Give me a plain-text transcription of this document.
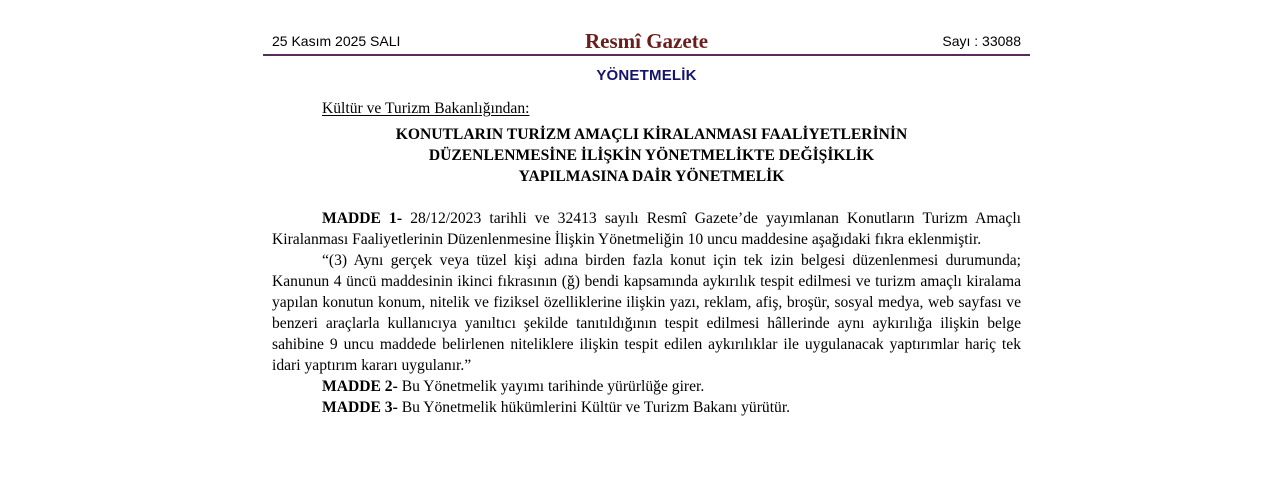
25 Kasım 2025 SALI	Resmî Gazete	Sayı : 33088
YÖNETMELİK
Kültür ve Turizm Bakanlığından:
KONUTLARIN TURİZM AMAÇLI KİRALANMASI FAALİYETLERİNİN
DÜZENLENMESİNE İLİŞKİN YÖNETMELİKTE DEĞİŞİKLİK
YAPILMASINA DAİR YÖNETMELİK

MADDE 1- 28/12/2023 tarihli ve 32413 sayılı Resmî Gazete’de yayımlanan Konutların Turizm Amaçlı Kiralanması Faaliyetlerinin Düzenlenmesine İlişkin Yönetmeliğin 10 uncu maddesine aşağıdaki fıkra eklenmiştir.

“(3) Aynı gerçek veya tüzel kişi adına birden fazla konut için tek izin belgesi düzenlenmesi durumunda; Kanunun 4 üncü maddesinin ikinci fıkrasının (ğ) bendi kapsamında aykırılık tespit edilmesi ve turizm amaçlı kiralama yapılan konutun konum, nitelik ve fiziksel özelliklerine ilişkin yazı, reklam, afiş, broşür, sosyal medya, web sayfası ve benzeri araçlarla kullanıcıya yanıltıcı şekilde tanıtıldığının tespit edilmesi hâllerinde aynı aykırılığa ilişkin belge sahibine 9 uncu maddede belirlenen niteliklere ilişkin tespit edilen aykırılıklar ile uygulanacak yaptırımlar hariç tek idari yaptırım kararı uygulanır.”

MADDE 2- Bu Yönetmelik yayımı tarihinde yürürlüğe girer.

MADDE 3- Bu Yönetmelik hükümlerini Kültür ve Turizm Bakanı yürütür.
